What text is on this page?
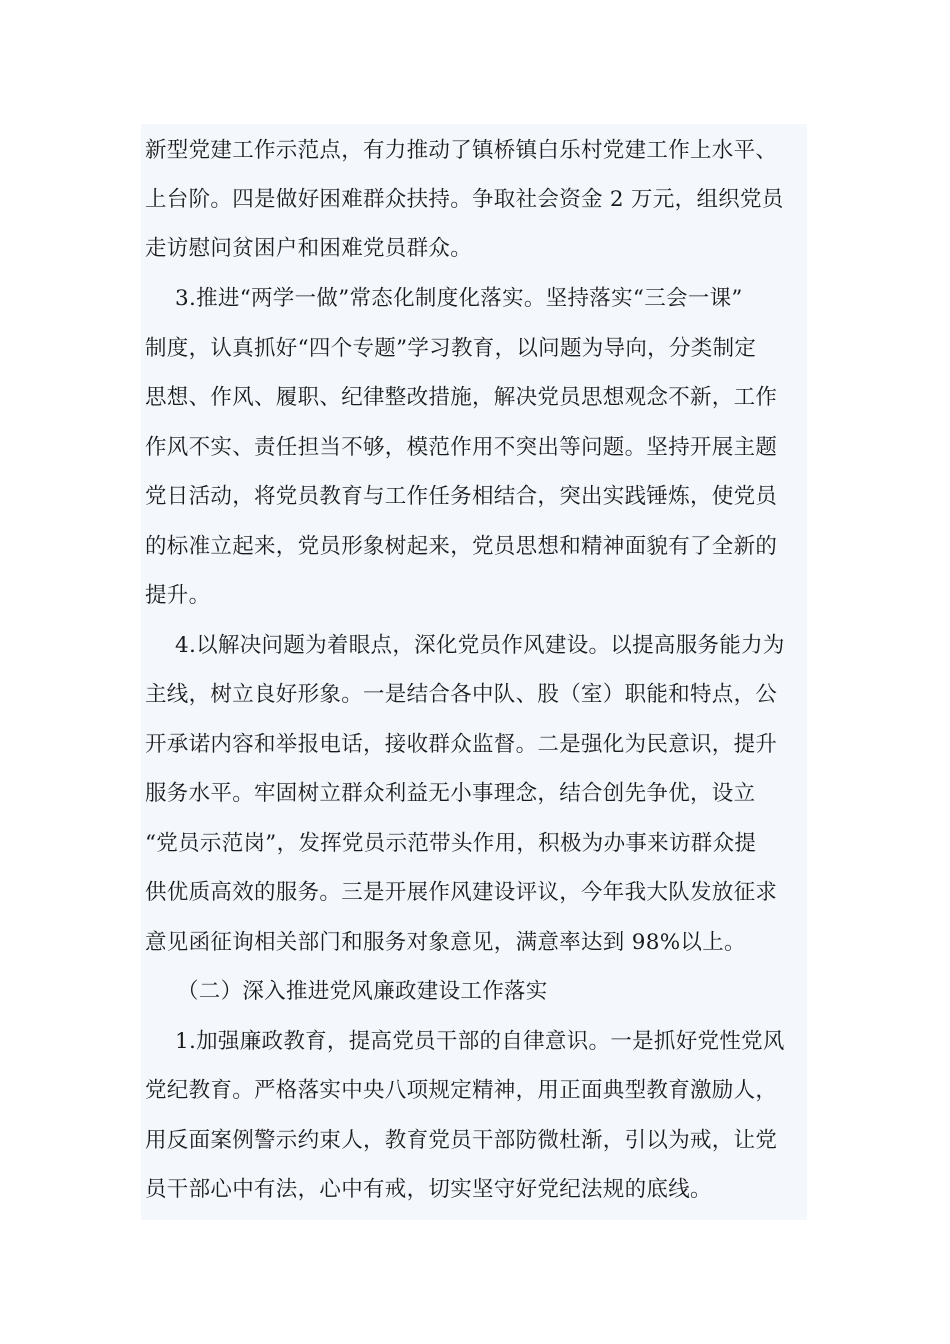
新型党建工作示范点，有力推动了镇桥镇白乐村党建工作上水平、
上台阶。四是做好困难群众扶持。争取社会资金 2 万元，组织党员
走访慰问贫困户和困难党员群众。
3.推进“两学一做”常态化制度化落实。坚持落实“三会一课”
制度，认真抓好“四个专题”学习教育，以问题为导向，分类制定
思想、作风、履职、纪律整改措施，解决党员思想观念不新，工作
作风不实、责任担当不够，模范作用不突出等问题。坚持开展主题
党日活动，将党员教育与工作任务相结合，突出实践锤炼，使党员
的标准立起来，党员形象树起来，党员思想和精神面貌有了全新的
提升。
4.以解决问题为着眼点，深化党员作风建设。以提高服务能力为
主线，树立良好形象。一是结合各中队、股（室）职能和特点，公
开承诺内容和举报电话，接收群众监督。二是强化为民意识，提升
服务水平。牢固树立群众利益无小事理念，结合创先争优，设立
“党员示范岗”，发挥党员示范带头作用，积极为办事来访群众提
供优质高效的服务。三是开展作风建设评议，今年我大队发放征求
意见函征询相关部门和服务对象意见，满意率达到 98%以上。
（二）深入推进党风廉政建设工作落实
1.加强廉政教育，提高党员干部的自律意识。一是抓好党性党风
党纪教育。严格落实中央八项规定精神，用正面典型教育激励人，
用反面案例警示约束人，教育党员干部防微杜渐，引以为戒，让党
员干部心中有法，心中有戒，切实坚守好党纪法规的底线。
